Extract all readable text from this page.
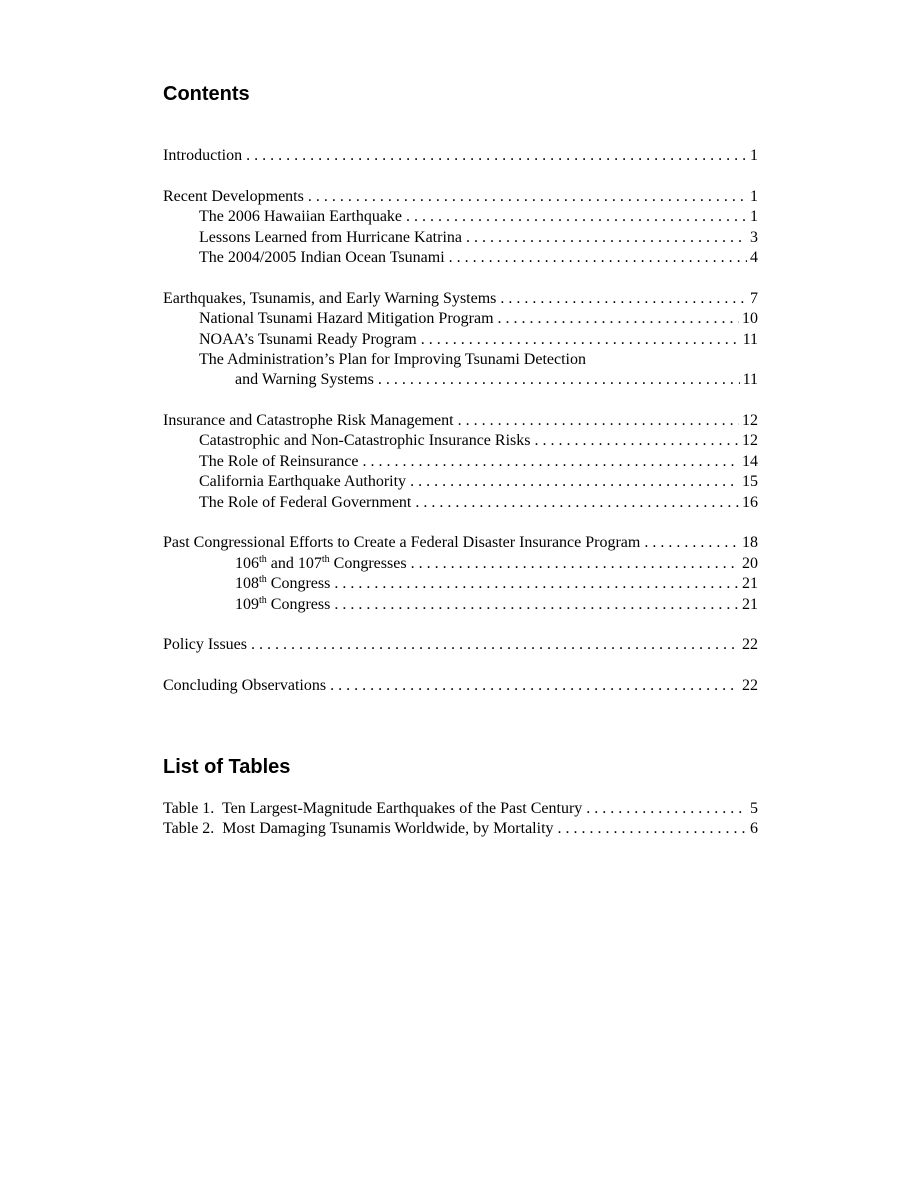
Contents
Introduction . . .	1
Recent Developments . . .	1
The 2006 Hawaiian Earthquake . . .	1
Lessons Learned from Hurricane Katrina . . .	3
The 2004/2005 Indian Ocean Tsunami . . .	4
Earthquakes, Tsunamis, and Early Warning Systems . . .	7
National Tsunami Hazard Mitigation Program . . .	10
NOAA’s Tsunami Ready Program . . .	11
The Administration’s Plan for Improving Tsunami Detection
and Warning Systems . . .	11
Insurance and Catastrophe Risk Management . . .	12
Catastrophic and Non-Catastrophic Insurance Risks . . .	12
The Role of Reinsurance . . .	14
California Earthquake Authority . . .	15
The Role of Federal Government . . .	16
Past Congressional Efforts to Create a Federal Disaster Insurance Program . . .	18
106th and 107th Congresses . . .	20
108th Congress . . .	21
109th Congress . . .	21
Policy Issues . . .	22
Concluding Observations . . .	22
List of Tables
Table 1.  Ten Largest-Magnitude Earthquakes of the Past Century . . .	5
Table 2.  Most Damaging Tsunamis Worldwide, by Mortality . . .	6
